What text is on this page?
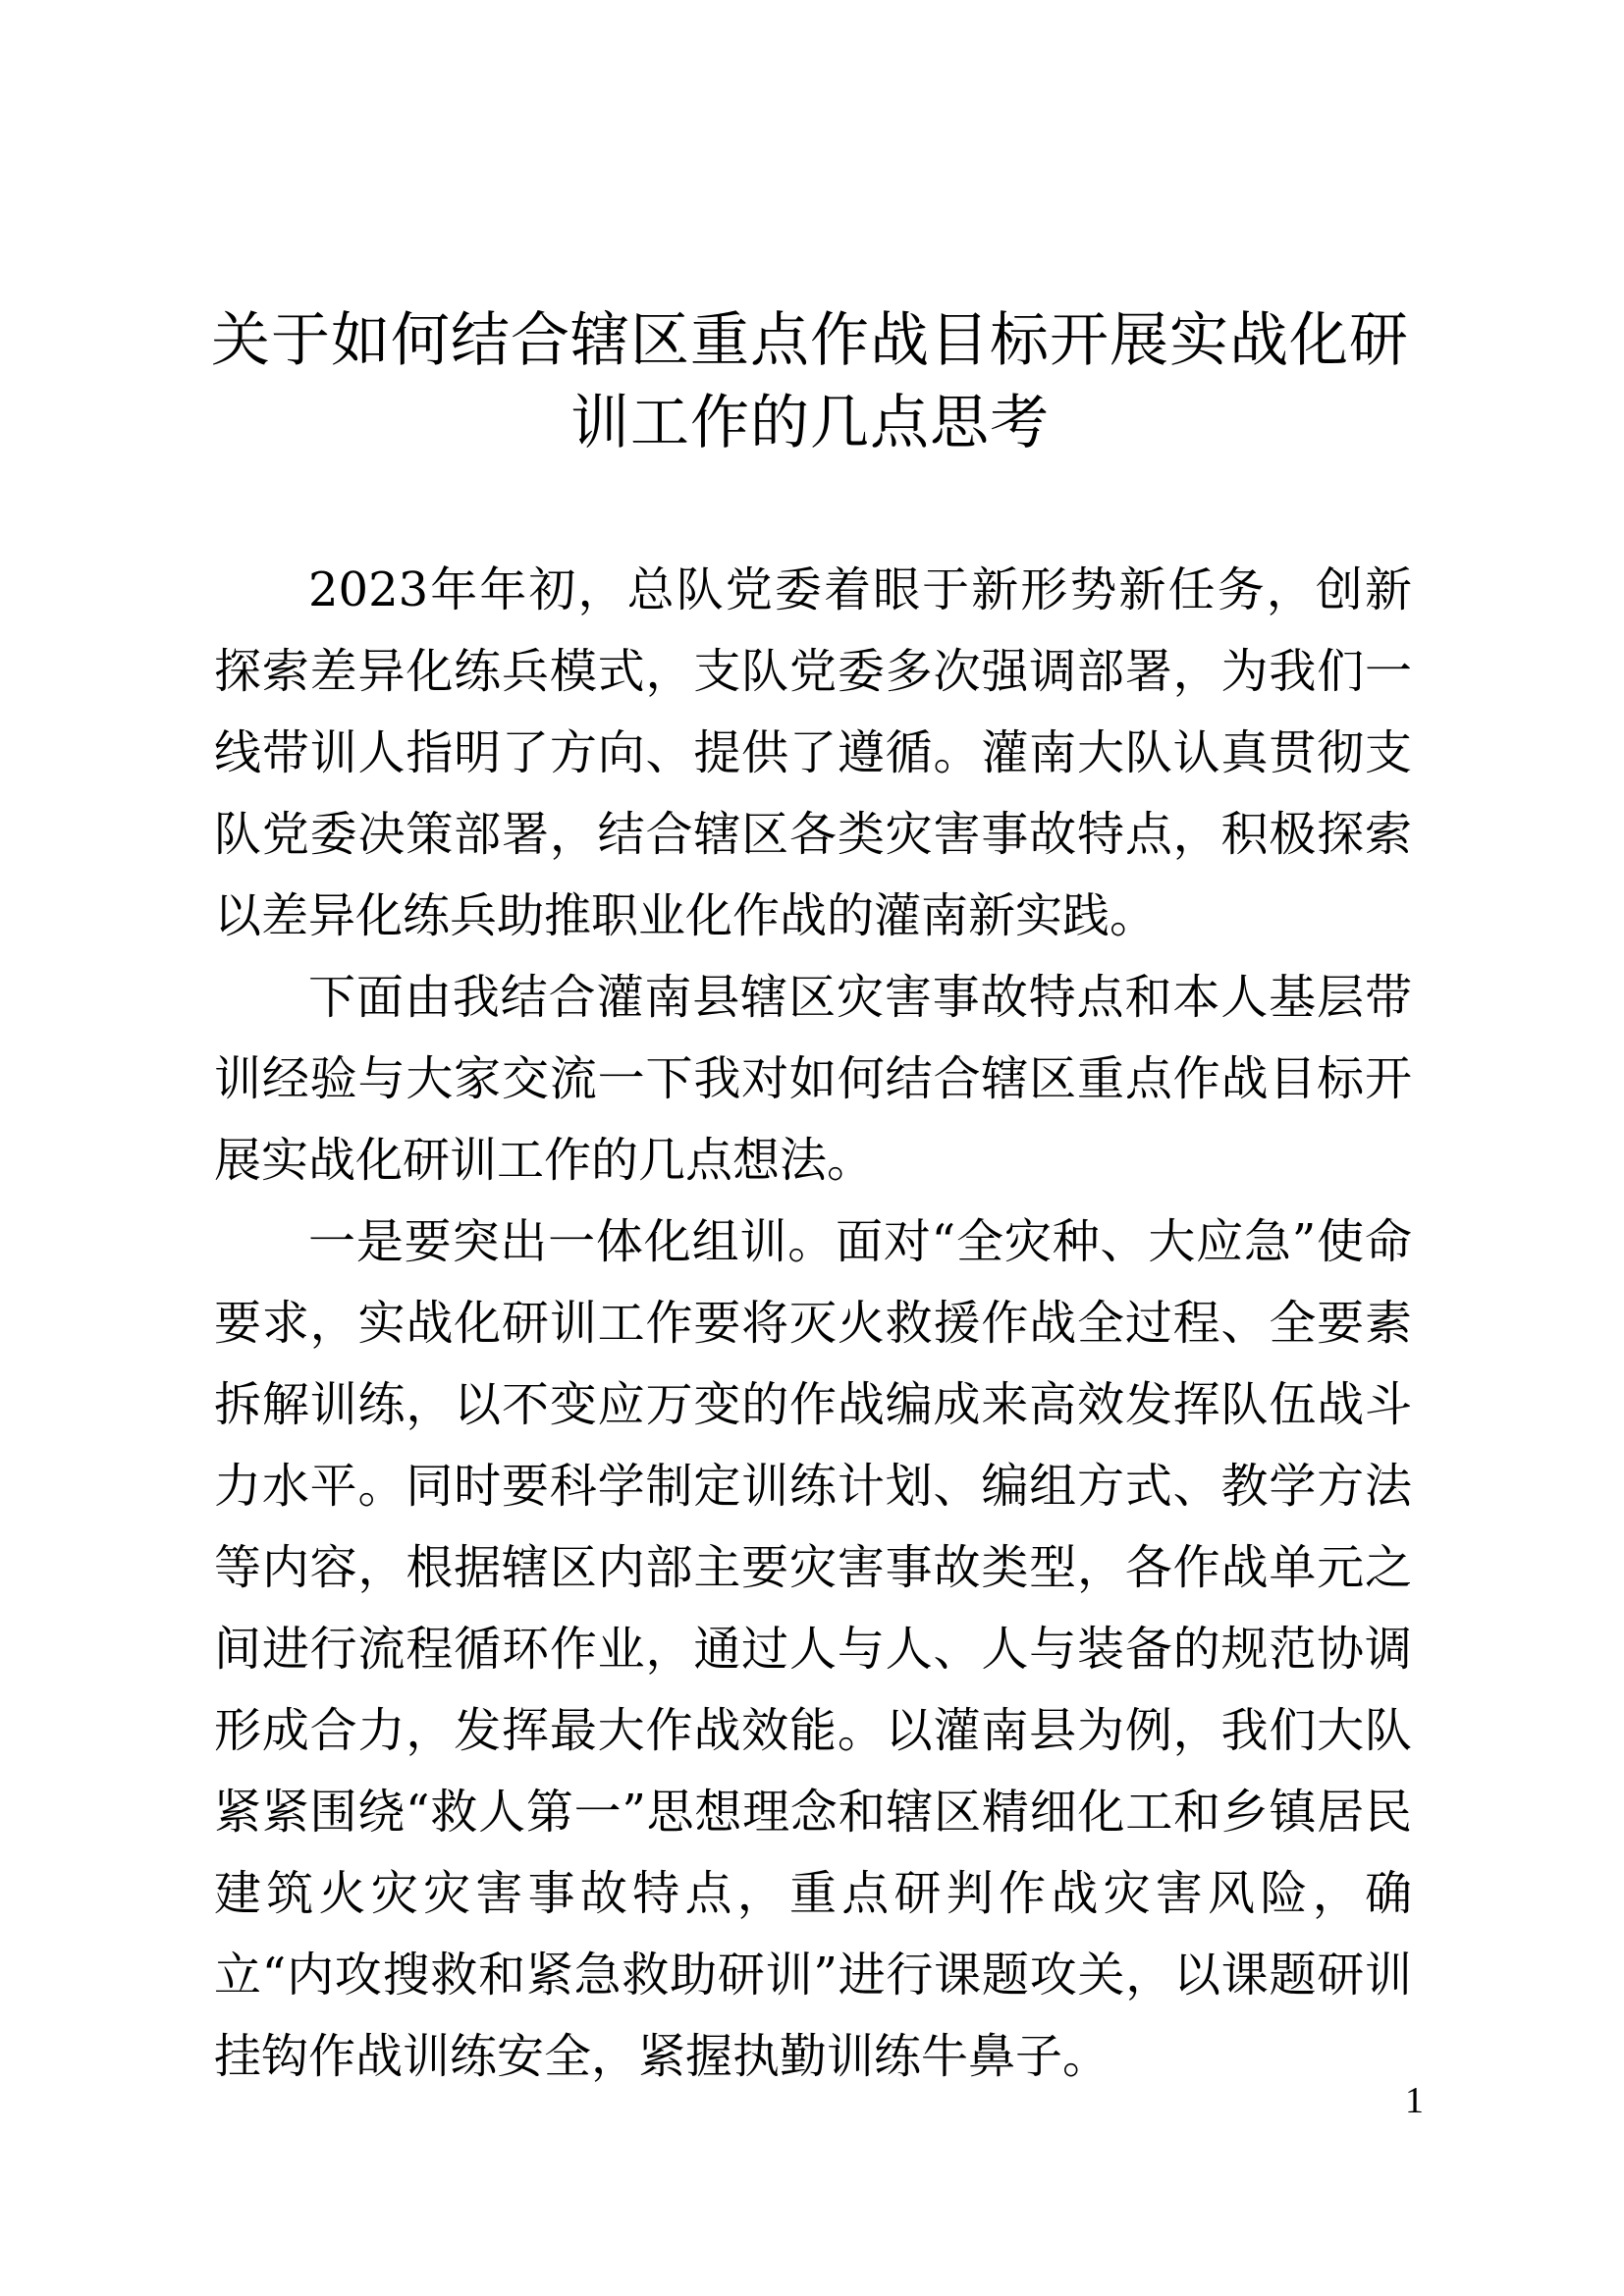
关于如何结合辖区重点作战目标开展实战化研训工作的几点思考

2023年年初，总队党委着眼于新形势新任务，创新探索差异化练兵模式，支队党委多次强调部署，为我们一线带训人指明了方向、提供了遵循。灌南大队认真贯彻支队党委决策部署，结合辖区各类灾害事故特点，积极探索以差异化练兵助推职业化作战的灌南新实践。

下面由我结合灌南县辖区灾害事故特点和本人基层带训经验与大家交流一下我对如何结合辖区重点作战目标开展实战化研训工作的几点想法。

一是要突出一体化组训。面对“全灾种、大应急”使命要求，实战化研训工作要将灭火救援作战全过程、全要素拆解训练，以不变应万变的作战编成来高效发挥队伍战斗力水平。同时要科学制定训练计划、编组方式、教学方法等内容，根据辖区内部主要灾害事故类型，各作战单元之间进行流程循环作业，通过人与人、人与装备的规范协调形成合力，发挥最大作战效能。以灌南县为例，我们大队紧紧围绕“救人第一”思想理念和辖区精细化工和乡镇居民建筑火灾灾害事故特点，重点研判作战灾害风险，确立“内攻搜救和紧急救助研训”进行课题攻关，以课题研训挂钩作战训练安全，紧握执勤训练牛鼻子。

1
